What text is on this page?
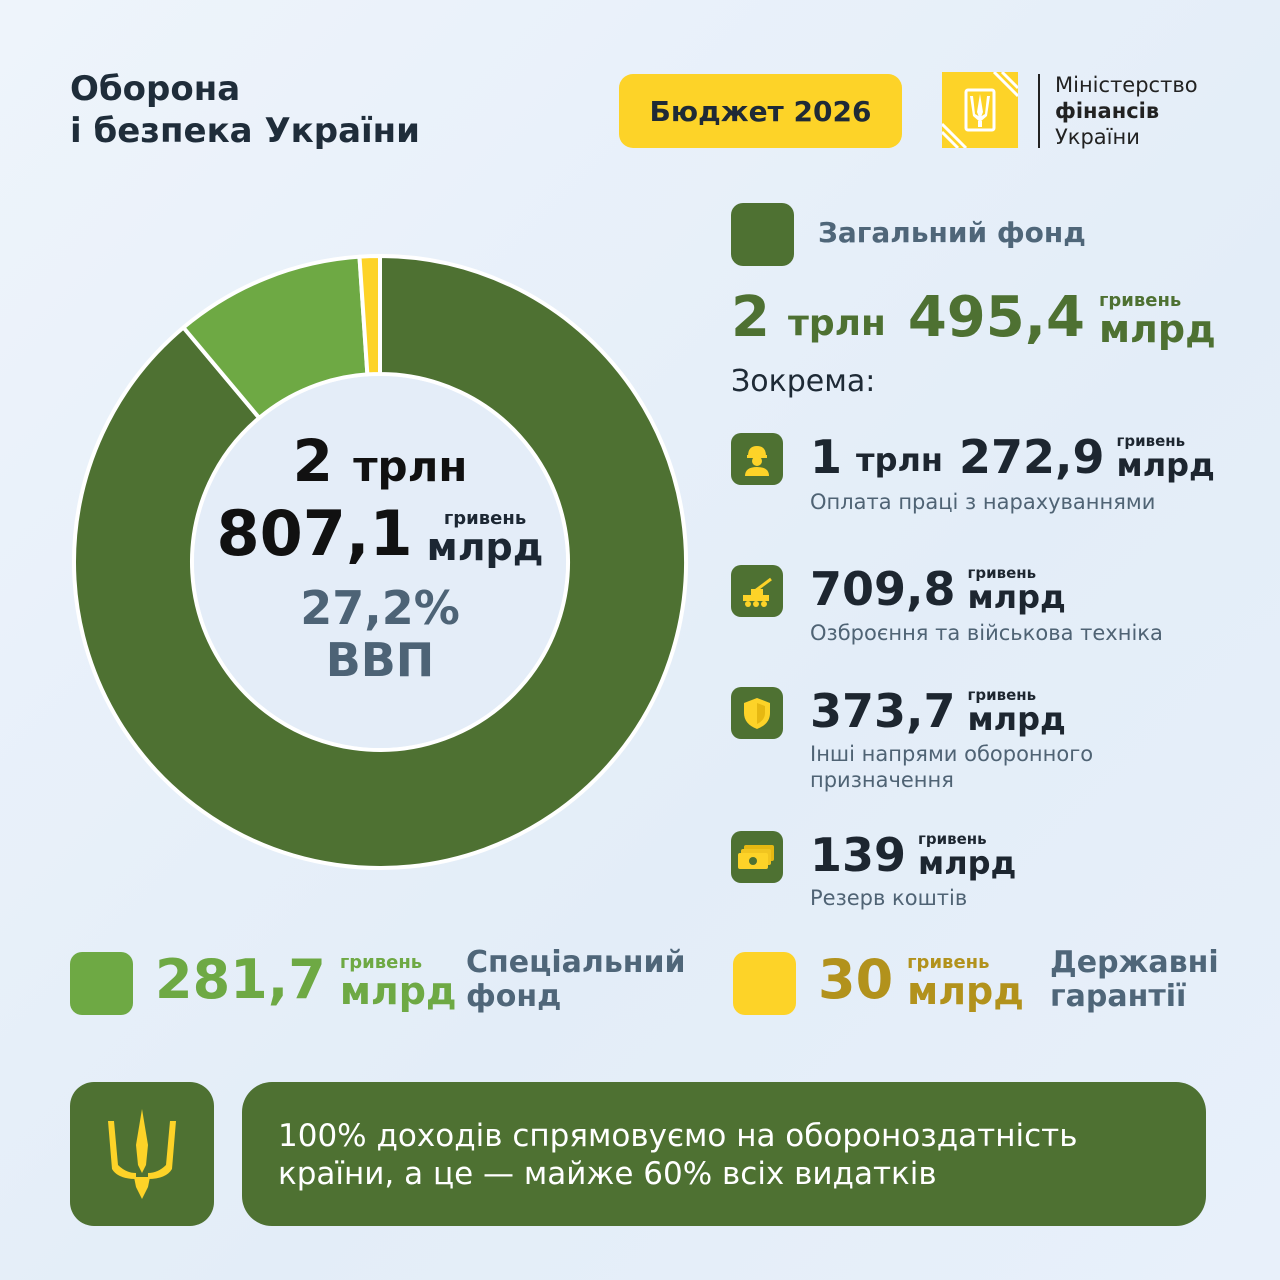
Оборона
і безпека України	Бюджет 2026
Міністерство
фінансів
України
2 трлн
807,1	гривень
млрд
27,2%
ВВП
Загальний фонд
2 трлн 495,4 гривень
млрд
Зокрема:
1 трлн 272,9 гривень
млрд
Оплата праці з нарахуваннями
709,8 гривень
млрд
Озброєння та військова техніка
373,7 гривень
млрд
Інші напрями оборонного
призначення
139 гривень
млрд
Резерв коштів
281,7 гривень
млрд
Спеціальний
фонд	30 гривень
млрд
Державні
гарантії
100% доходів спрямовуємо на обороноздатність країни, а це — майже 60% всіх видатків
